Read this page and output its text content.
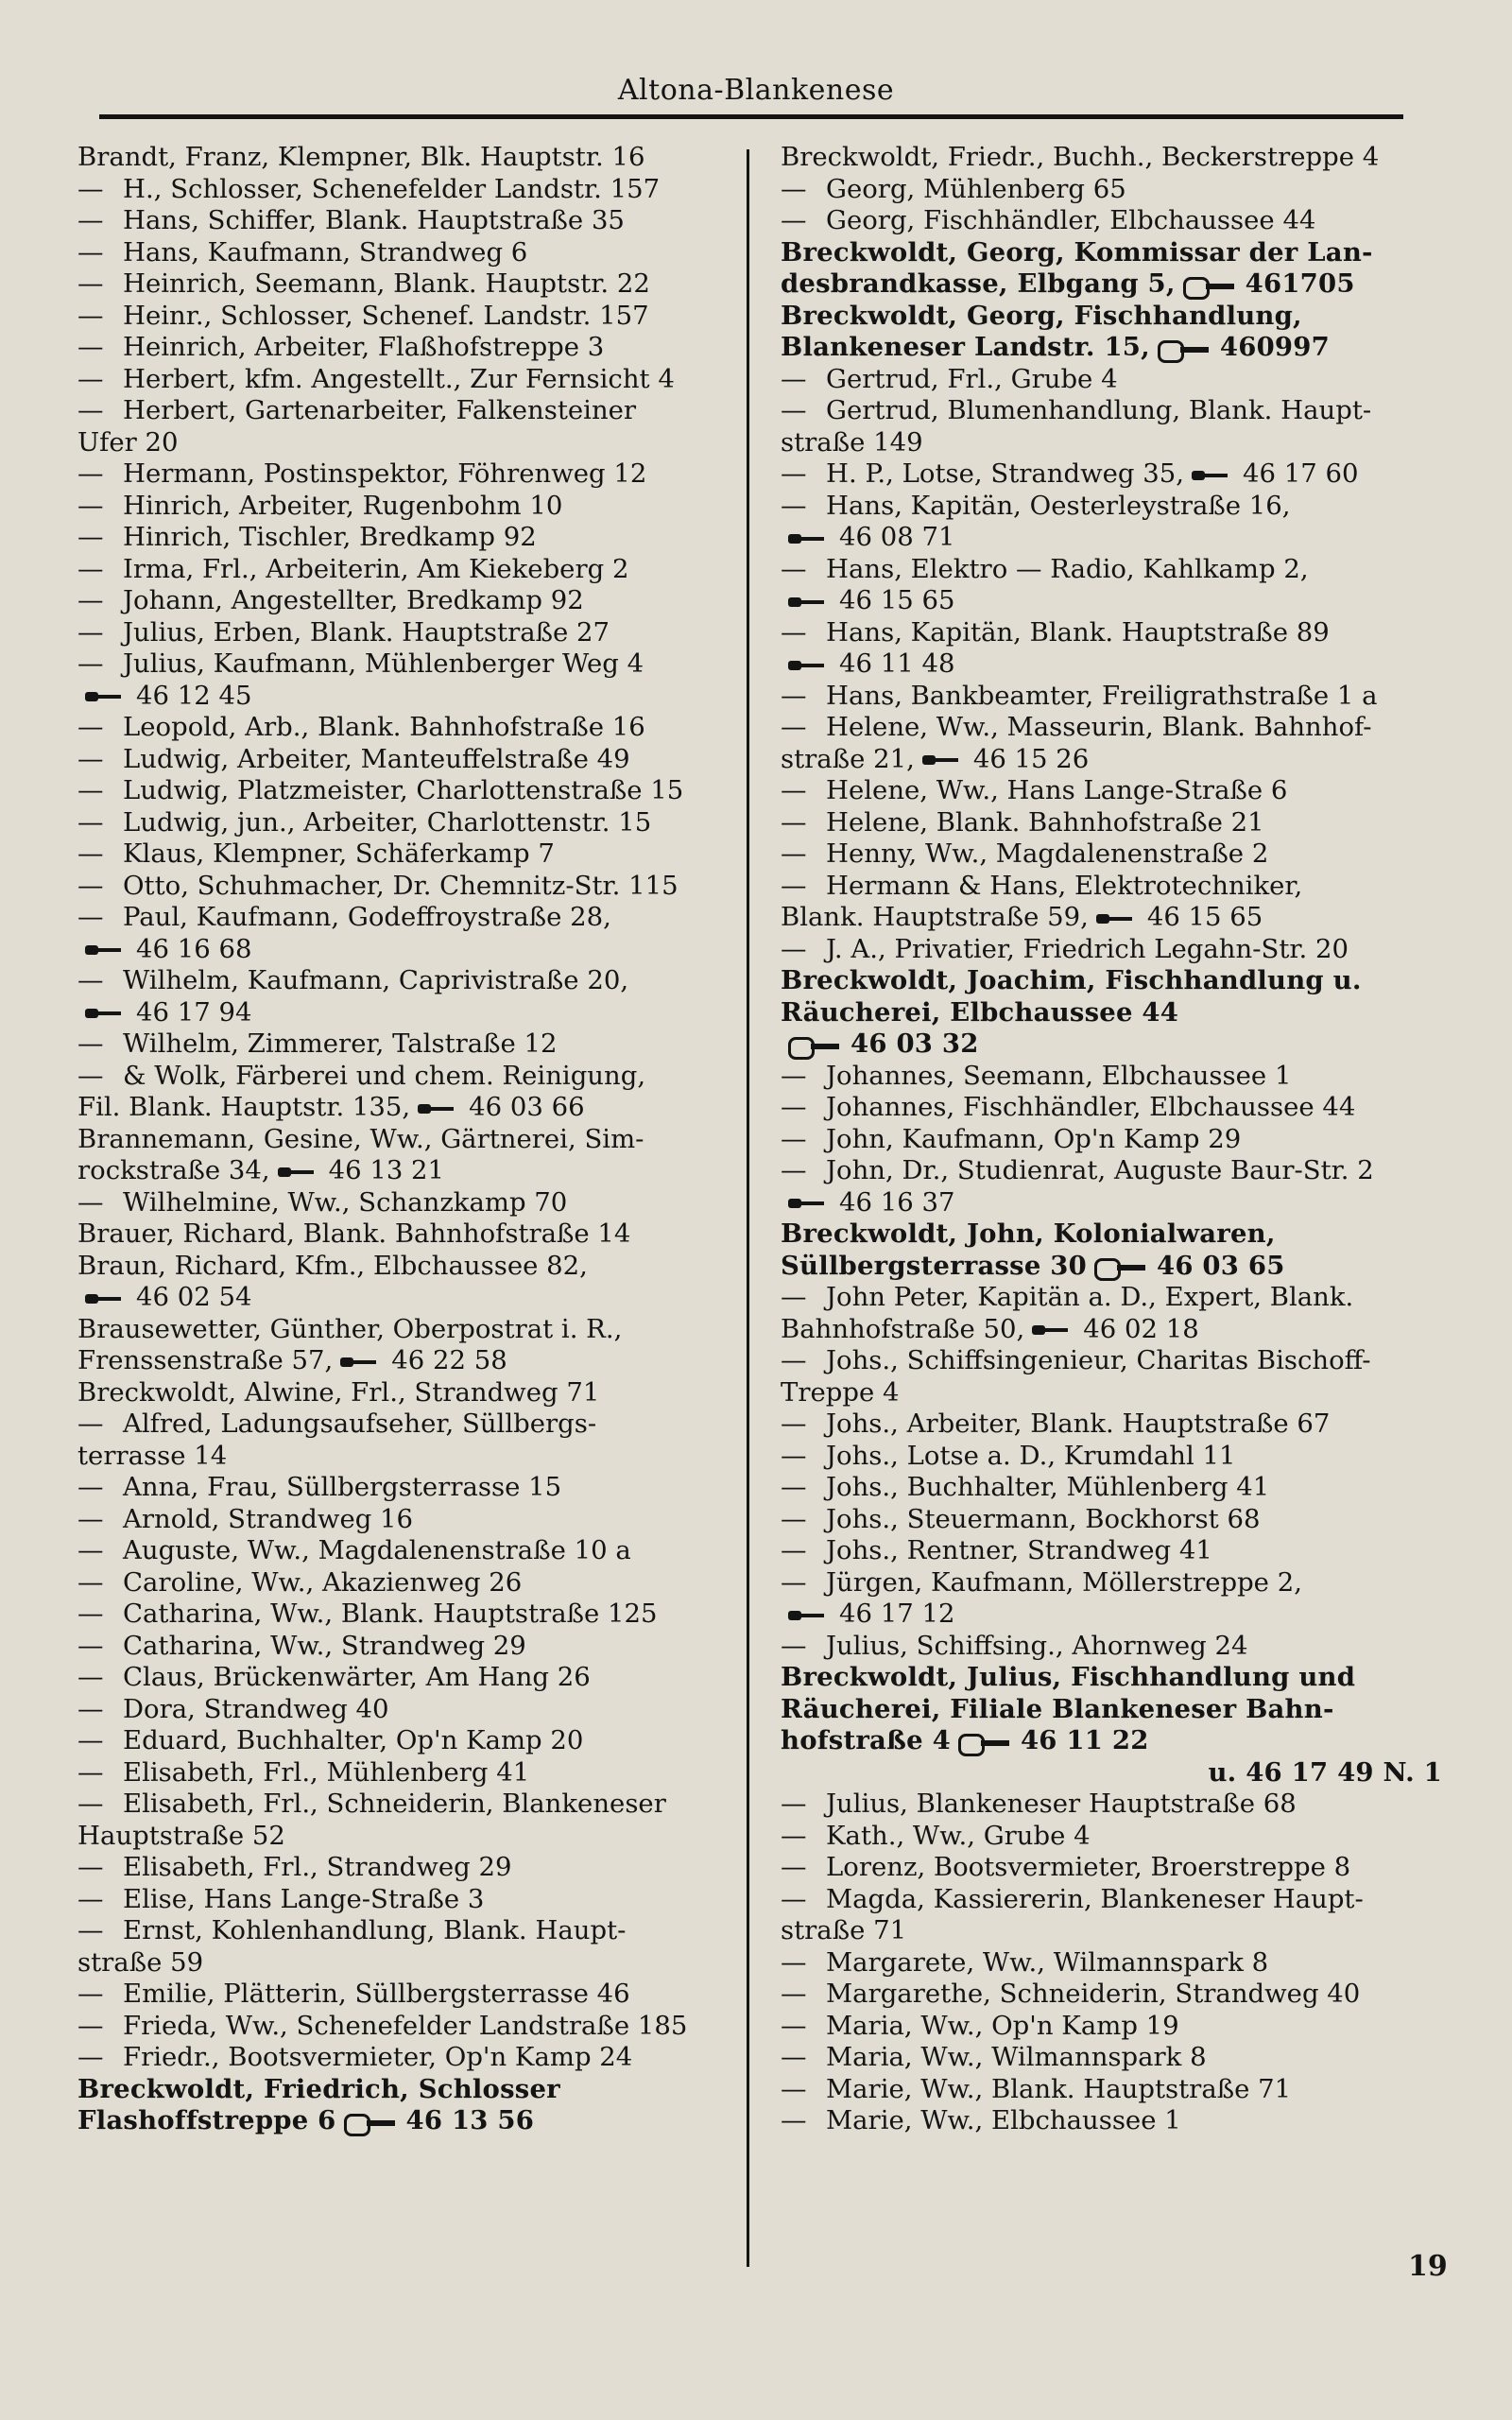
Altona-Blankenese
Brandt, Franz, Klempner, Blk. Hauptstr. 16
— H., Schlosser, Schenefelder Landstr. 157
— Hans, Schiffer, Blank. Hauptstraße 35
— Hans, Kaufmann, Strandweg 6
— Heinrich, Seemann, Blank. Hauptstr. 22
— Heinr., Schlosser, Schenef. Landstr. 157
— Heinrich, Arbeiter, Flaßhofstreppe 3
— Herbert, kfm. Angestellt., Zur Fernsicht 4
— Herbert, Gartenarbeiter, Falkensteiner
Ufer 20
— Hermann, Postinspektor, Föhrenweg 12
— Hinrich, Arbeiter, Rugenbohm 10
— Hinrich, Tischler, Bredkamp 92
— Irma, Frl., Arbeiterin, Am Kiekeberg 2
— Johann, Angestellter, Bredkamp 92
— Julius, Erben, Blank. Hauptstraße 27
— Julius, Kaufmann, Mühlenberger Weg 4
46 12 45
— Leopold, Arb., Blank. Bahnhofstraße 16
— Ludwig, Arbeiter, Manteuffelstraße 49
— Ludwig, Platzmeister, Charlottenstraße 15
— Ludwig, jun., Arbeiter, Charlottenstr. 15
— Klaus, Klempner, Schäferkamp 7
— Otto, Schuhmacher, Dr. Chemnitz-Str. 115
— Paul, Kaufmann, Godeffroystraße 28,
46 16 68
— Wilhelm, Kaufmann, Caprivistraße 20,
46 17 94
— Wilhelm, Zimmerer, Talstraße 12
— & Wolk, Färberei und chem. Reinigung,
Fil. Blank. Hauptstr. 135, 46 03 66
Brannemann, Gesine, Ww., Gärtnerei, Sim-
rockstraße 34, 46 13 21
— Wilhelmine, Ww., Schanzkamp 70
Brauer, Richard, Blank. Bahnhofstraße 14
Braun, Richard, Kfm., Elbchaussee 82,
46 02 54
Brausewetter, Günther, Oberpostrat i. R.,
Frenssenstraße 57, 46 22 58
Breckwoldt, Alwine, Frl., Strandweg 71
— Alfred, Ladungsaufseher, Süllbergs-
terrasse 14
— Anna, Frau, Süllbergsterrasse 15
— Arnold, Strandweg 16
— Auguste, Ww., Magdalenenstraße 10 a
— Caroline, Ww., Akazienweg 26
— Catharina, Ww., Blank. Hauptstraße 125
— Catharina, Ww., Strandweg 29
— Claus, Brückenwärter, Am Hang 26
— Dora, Strandweg 40
— Eduard, Buchhalter, Op'n Kamp 20
— Elisabeth, Frl., Mühlenberg 41
— Elisabeth, Frl., Schneiderin, Blankeneser
Hauptstraße 52
— Elisabeth, Frl., Strandweg 29
— Elise, Hans Lange-Straße 3
— Ernst, Kohlenhandlung, Blank. Haupt-
straße 59
— Emilie, Plätterin, Süllbergsterrasse 46
— Frieda, Ww., Schenefelder Landstraße 185
— Friedr., Bootsvermieter, Op'n Kamp 24
Breckwoldt, Friedrich, Schlosser
Flashoffstreppe 6	46 13 56
Breckwoldt, Friedr., Buchh., Beckerstreppe 4
— Georg, Mühlenberg 65
— Georg, Fischhändler, Elbchaussee 44
Breckwoldt, Georg, Kommissar der Lan-
desbrandkasse, Elbgang 5,	461705
Breckwoldt, Georg, Fischhandlung,
Blankeneser Landstr. 15,	460997
— Gertrud, Frl., Grube 4
— Gertrud, Blumenhandlung, Blank. Haupt-
straße 149
— H. P., Lotse, Strandweg 35, 46 17 60
— Hans, Kapitän, Oesterleystraße 16,
46 08 71
— Hans, Elektro — Radio, Kahlkamp 2,
46 15 65
— Hans, Kapitän, Blank. Hauptstraße 89
46 11 48
— Hans, Bankbeamter, Freiligrathstraße 1 a
— Helene, Ww., Masseurin, Blank. Bahnhof-
straße 21, 46 15 26
— Helene, Ww., Hans Lange-Straße 6
— Helene, Blank. Bahnhofstraße 21
— Henny, Ww., Magdalenenstraße 2
— Hermann & Hans, Elektrotechniker,
Blank. Hauptstraße 59, 46 15 65
— J. A., Privatier, Friedrich Legahn-Str. 20
Breckwoldt, Joachim, Fischhandlung u.
Räucherei, Elbchaussee 44
46 03 32
— Johannes, Seemann, Elbchaussee 1
— Johannes, Fischhändler, Elbchaussee 44
— John, Kaufmann, Op'n Kamp 29
— John, Dr., Studienrat, Auguste Baur-Str. 2
46 16 37
Breckwoldt, John, Kolonialwaren,
Süllbergsterrasse 30	46 03 65
— John Peter, Kapitän a. D., Expert, Blank.
Bahnhofstraße 50, 46 02 18
— Johs., Schiffsingenieur, Charitas Bischoff-
Treppe 4
— Johs., Arbeiter, Blank. Hauptstraße 67
— Johs., Lotse a. D., Krumdahl 11
— Johs., Buchhalter, Mühlenberg 41
— Johs., Steuermann, Bockhorst 68
— Johs., Rentner, Strandweg 41
— Jürgen, Kaufmann, Möllerstreppe 2,
46 17 12
— Julius, Schiffsing., Ahornweg 24
Breckwoldt, Julius, Fischhandlung und
Räucherei, Filiale Blankeneser Bahn-
hofstraße 4	46 11 22
u. 46 17 49 N. 1
— Julius, Blankeneser Hauptstraße 68
— Kath., Ww., Grube 4
— Lorenz, Bootsvermieter, Broerstreppe 8
— Magda, Kassiererin, Blankeneser Haupt-
straße 71
— Margarete, Ww., Wilmannspark 8
— Margarethe, Schneiderin, Strandweg 40
— Maria, Ww., Op'n Kamp 19
— Maria, Ww., Wilmannspark 8
— Marie, Ww., Blank. Hauptstraße 71
— Marie, Ww., Elbchaussee 1
19
